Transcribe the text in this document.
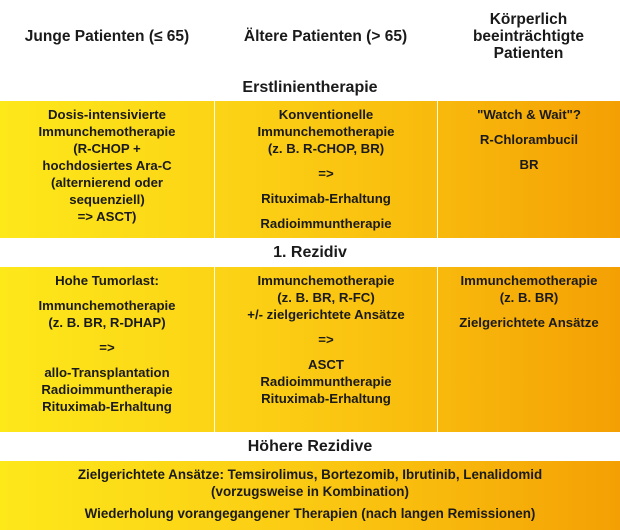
Junge Patienten (≤ 65)	Ältere Patienten (> 65)
Körperlich
beeinträchtigte
Patienten
Erstlinientherapie
Dosis-intensivierte
Immunchemotherapie
(R-CHOP +
hochdosiertes Ara-C
(alternierend oder
sequenziell)
=> ASCT)
Konventionelle
Immunchemotherapie
(z. B. R-CHOP, BR)
=>
Rituximab-Erhaltung
Radioimmuntherapie
"Watch & Wait"?
R-Chlorambucil
BR
1. Rezidiv
Hohe Tumorlast:
Immunchemotherapie
(z. B. BR, R-DHAP)
=>
allo-Transplantation
Radioimmuntherapie
Rituximab-Erhaltung
Immunchemotherapie
(z. B. BR, R-FC)
+/- zielgerichtete Ansätze
=>
ASCT
Radioimmuntherapie
Rituximab-Erhaltung
Immunchemotherapie
(z. B. BR)
Zielgerichtete Ansätze
Höhere Rezidive
Zielgerichtete Ansätze: Temsirolimus, Bortezomib, Ibrutinib, Lenalidomid
(vorzugsweise in Kombination)
Wiederholung vorangegangener Therapien (nach langen Remissionen)
